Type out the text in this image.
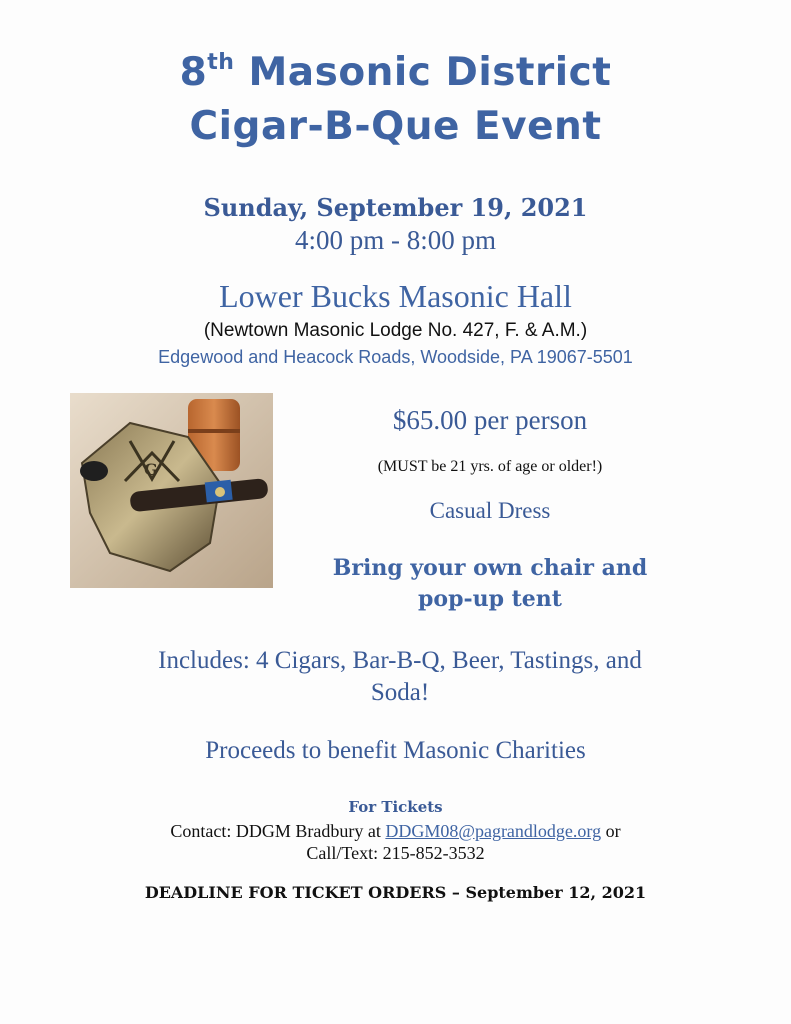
8th Masonic District
Cigar-B-Que Event
Sunday, September 19, 2021
4:00 pm - 8:00 pm
Lower Bucks Masonic Hall
(Newtown Masonic Lodge No. 427, F. & A.M.)
Edgewood and Heacock Roads, Woodside, PA 19067-5501
G
$65.00 per person
(MUST be 21 yrs. of age or older!)
Casual Dress
Bring your own chair and
pop-up tent
Includes: 4 Cigars, Bar-B-Q, Beer, Tastings, and
Soda!
Proceeds to benefit Masonic Charities
For Tickets
Contact: DDGM Bradbury at DDGM08@pagrandlodge.org or
Call/Text: 215-852-3532
DEADLINE FOR TICKET ORDERS – September 12, 2021
